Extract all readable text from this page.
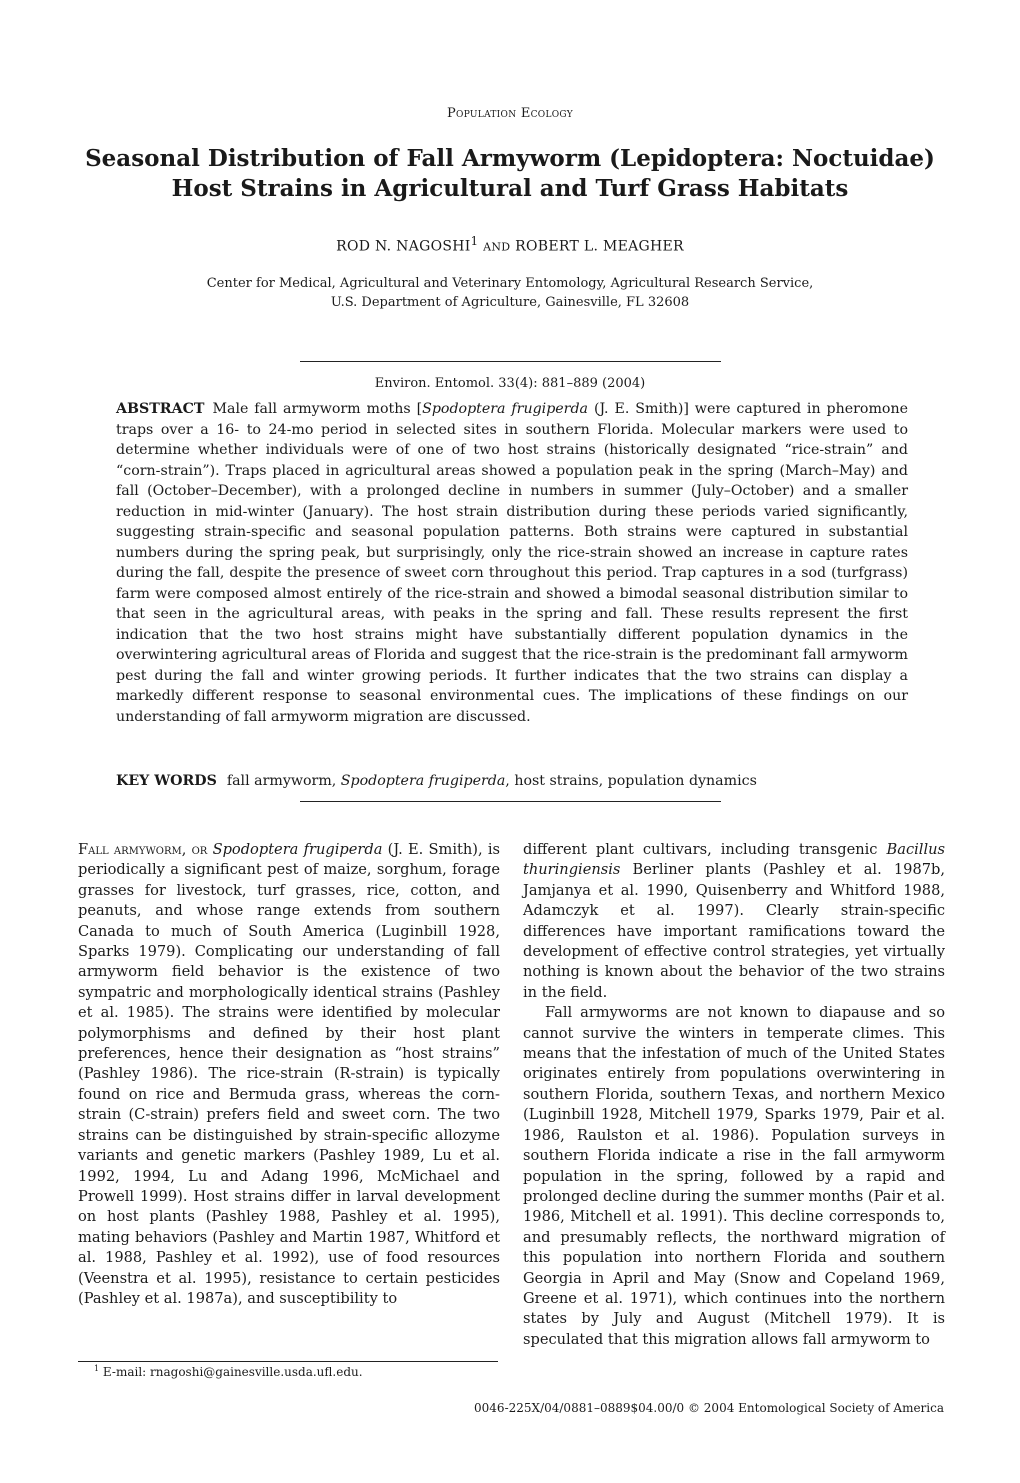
Population Ecology
Seasonal Distribution of Fall Armyworm (Lepidoptera: Noctuidae) Host Strains in Agricultural and Turf Grass Habitats
ROD N. NAGOSHI$^1$ AND ROBERT L. MEAGHER
Center for Medical, Agricultural and Veterinary Entomology, Agricultural Research Service,
U.S. Department of Agriculture, Gainesville, FL 32608
Environ. Entomol. 33(4): 881–889 (2004)

ABSTRACT Male fall armyworm moths [Spodoptera frugiperda (J. E. Smith)] were captured in pheromone traps over a 16- to 24-mo period in selected sites in southern Florida. Molecular markers were used to determine whether individuals were of one of two host strains (historically designated “rice-strain” and “corn-strain”). Traps placed in agricultural areas showed a population peak in the spring (March–May) and fall (October–December), with a prolonged decline in numbers in summer (July–October) and a smaller reduction in mid-winter (January). The host strain distribution during these periods varied significantly, suggesting strain-specific and seasonal population patterns. Both strains were captured in substantial numbers during the spring peak, but surprisingly, only the rice-strain showed an increase in capture rates during the fall, despite the presence of sweet corn throughout this period. Trap captures in a sod (turfgrass) farm were composed almost entirely of the rice-strain and showed a bimodal seasonal distribution similar to that seen in the agricultural areas, with peaks in the spring and fall. These results represent the first indication that the two host strains might have substantially different population dynamics in the overwintering agricultural areas of Florida and suggest that the rice-strain is the predominant fall armyworm pest during the fall and winter growing periods. It further indicates that the two strains can display a markedly different response to seasonal environmental cues. The implications of these findings on our understanding of fall armyworm migration are discussed.

KEY WORDS fall armyworm, Spodoptera frugiperda, host strains, population dynamics

Fall armyworm, or Spodoptera frugiperda (J. E. Smith), is periodically a significant pest of maize, sorghum, forage grasses for livestock, turf grasses, rice, cotton, and peanuts, and whose range extends from southern Canada to much of South America (Luginbill 1928, Sparks 1979). Complicating our understanding of fall armyworm field behavior is the existence of two sympatric and morphologically identical strains (Pashley et al. 1985). The strains were identified by molecular polymorphisms and defined by their host plant preferences, hence their designation as “host strains” (Pashley 1986). The rice-strain (R-strain) is typically found on rice and Bermuda grass, whereas the corn-strain (C-strain) prefers field and sweet corn. The two strains can be distinguished by strain-specific allozyme variants and genetic markers (Pashley 1989, Lu et al. 1992, 1994, Lu and Adang 1996, McMichael and Prowell 1999). Host strains differ in larval development on host plants (Pashley 1988, Pashley et al. 1995), mating behaviors (Pashley and Martin 1987, Whitford et al. 1988, Pashley et al. 1992), use of food resources (Veenstra et al. 1995), resistance to certain pesticides (Pashley et al. 1987a), and susceptibility to

different plant cultivars, including transgenic Bacillus thuringiensis Berliner plants (Pashley et al. 1987b, Jamjanya et al. 1990, Quisenberry and Whitford 1988, Adamczyk et al. 1997). Clearly strain-specific differences have important ramifications toward the development of effective control strategies, yet virtually nothing is known about the behavior of the two strains in the field.

Fall armyworms are not known to diapause and so cannot survive the winters in temperate climes. This means that the infestation of much of the United States originates entirely from populations overwintering in southern Florida, southern Texas, and northern Mexico (Luginbill 1928, Mitchell 1979, Sparks 1979, Pair et al. 1986, Raulston et al. 1986). Population surveys in southern Florida indicate a rise in the fall armyworm population in the spring, followed by a rapid and prolonged decline during the summer months (Pair et al. 1986, Mitchell et al. 1991). This decline corresponds to, and presumably reflects, the northward migration of this population into northern Florida and southern Georgia in April and May (Snow and Copeland 1969, Greene et al. 1971), which continues into the northern states by July and August (Mitchell 1979). It is speculated that this migration allows fall armyworm to

$^1$ E-mail: rnagoshi@gainesville.usda.ufl.edu.
0046-225X/04/0881–0889$04.00/0 © 2004 Entomological Society of America
